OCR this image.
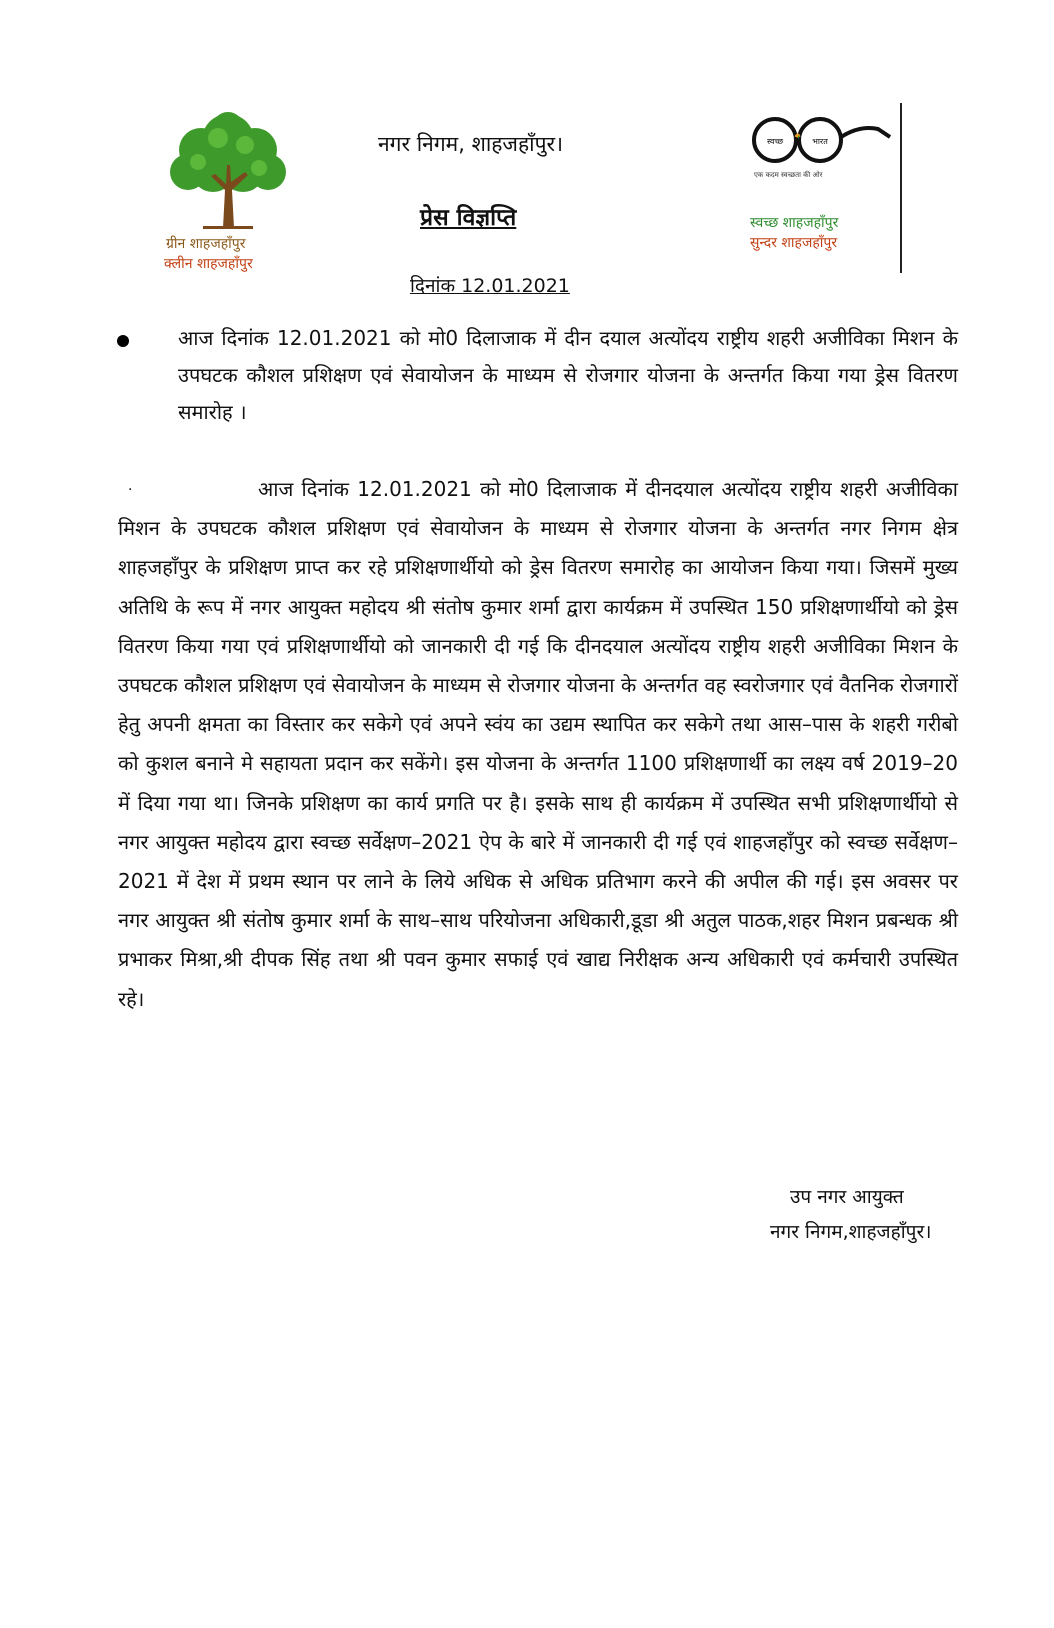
ग्रीन शाहजहाँपुर
क्लीन शाहजहाँपुर
नगर निगम, शाहजहाँपुर।
प्रेस विज्ञप्ति
दिनांक 12.01.2021
स्वच्छ	भारत
एक कदम स्वच्छता की ओर
स्वच्छ शाहजहाँपुर
सुन्दर शाहजहाँपुर
आज दिनांक 12.01.2021 को मो0 दिलाजाक में दीन दयाल अत्योंदय राष्ट्रीय शहरी अजीविका मिशन के उपघटक कौशल प्रशिक्षण एवं सेवायोजन के माध्यम से रोजगार योजना के अन्तर्गत किया गया ड्रेस वितरण समारोह ।
.	आज दिनांक 12.01.2021 को मो0 दिलाजाक में दीनदयाल अत्योंदय राष्ट्रीय शहरी अजीविका मिशन के उपघटक कौशल प्रशिक्षण एवं सेवायोजन के माध्यम से रोजगार योजना के अन्तर्गत नगर निगम क्षेत्र शाहजहाँपुर के प्रशिक्षण प्राप्त कर रहे प्रशिक्षणार्थीयो को ड्रेस वितरण समारोह का आयोजन किया गया। जिसमें मुख्य अतिथि के रूप में नगर आयुक्त महोदय श्री संतोष कुमार शर्मा द्वारा कार्यक्रम में उपस्थित 150 प्रशिक्षणार्थीयो को ड्रेस वितरण किया गया एवं प्रशिक्षणार्थीयो को जानकारी दी गई कि दीनदयाल अत्योंदय राष्ट्रीय शहरी अजीविका मिशन के उपघटक कौशल प्रशिक्षण एवं सेवायोजन के माध्यम से रोजगार योजना के अन्तर्गत वह स्वरोजगार एवं वैतनिक रोजगारों हेतु अपनी क्षमता का विस्तार कर सकेगे एवं अपने स्वंय का उद्यम स्थापित कर सकेगे तथा आस–पास के शहरी गरीबो को कुशल बनाने मे सहायता प्रदान कर सकेंगे। इस योजना के अन्तर्गत 1100 प्रशिक्षणार्थी का लक्ष्य वर्ष 2019–20 में दिया गया था। जिनके प्रशिक्षण का कार्य प्रगति पर है। इसके साथ ही कार्यक्रम में उपस्थित सभी प्रशिक्षणार्थीयो से नगर आयुक्त महोदय द्वारा स्वच्छ सर्वेक्षण–2021 ऐप के बारे में जानकारी दी गई एवं शाहजहाँपुर को स्वच्छ सर्वेक्षण–2021 में देश में प्रथम स्थान पर लाने के लिये अधिक से अधिक प्रतिभाग करने की अपील की गई। इस अवसर पर नगर आयुक्त श्री संतोष कुमार शर्मा के साथ–साथ परियोजना अधिकारी,डूडा श्री अतुल पाठक,शहर मिशन प्रबन्धक श्री प्रभाकर मिश्रा,श्री दीपक सिंह तथा श्री पवन कुमार सफाई एवं खाद्य निरीक्षक अन्य अधिकारी एवं कर्मचारी उपस्थित रहे।
उप नगर आयुक्त
नगर निगम,शाहजहाँपुर।
